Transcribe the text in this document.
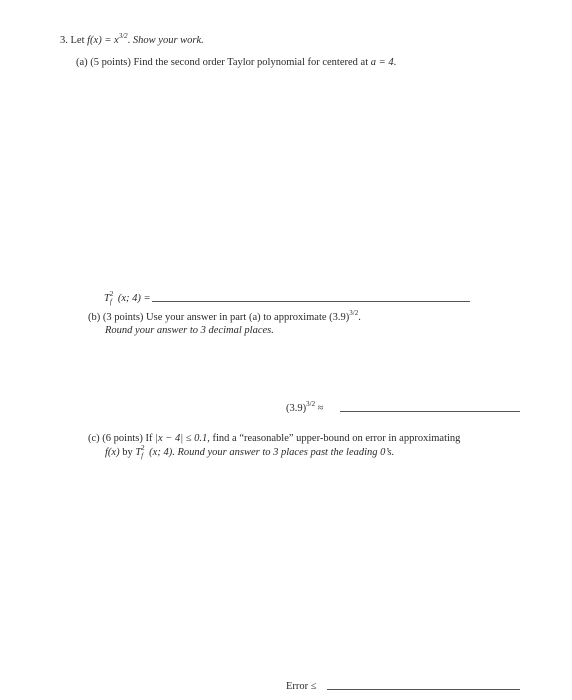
3. Let $f(x) = x^{3/2}$. Show your work.
(a) (5 points) Find the second order Taylor polynomial for centered at a = 4.
T 2
f (x; 4) =
(b) (3 points) Use your answer in part (a) to approximate $(3.9)^{3/2}$.
Round your answer to 3 decimal places.
$(3.9)^{3/2}$ ≈
(c) (6 points) If |x − 4| ≤ 0.1, find a “reasonable” upper-bound on error in approximating
f(x) by T 2
f (x; 4). Round your answer to 3 places past the leading 0’s.
Error ≤
